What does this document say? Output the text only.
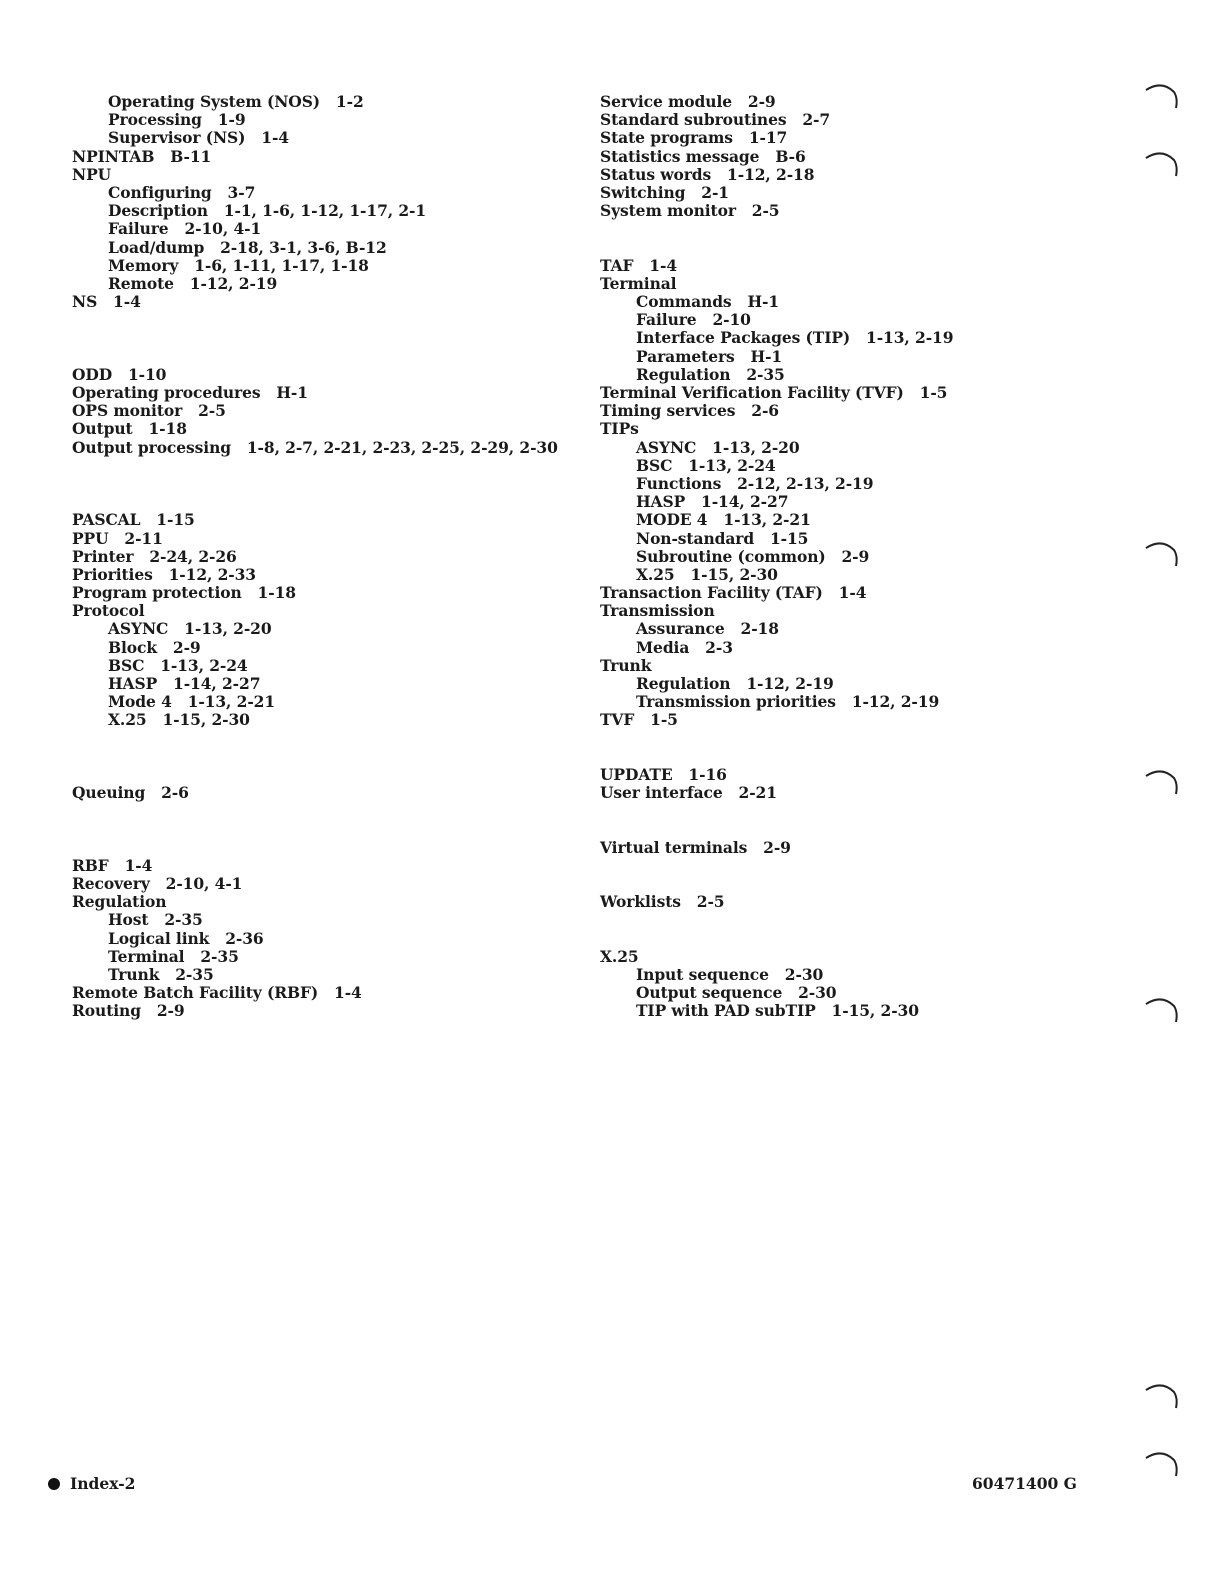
Operating System (NOS)   1-2
Processing   1-9
Supervisor (NS)   1-4
NPINTAB   B-11
NPU
Configuring   3-7
Description   1-1, 1-6, 1-12, 1-17, 2-1
Failure   2-10, 4-1
Load/dump   2-18, 3-1, 3-6, B-12
Memory   1-6, 1-11, 1-17, 1-18
Remote   1-12, 2-19
NS   1-4
ODD   1-10
Operating procedures   H-1
OPS monitor   2-5
Output   1-18
Output processing   1-8, 2-7, 2-21, 2-23, 2-25, 2-29, 2-30
PASCAL   1-15
PPU   2-11
Printer   2-24, 2-26
Priorities   1-12, 2-33
Program protection   1-18
Protocol
ASYNC   1-13, 2-20
Block   2-9
BSC   1-13, 2-24
HASP   1-14, 2-27
Mode 4   1-13, 2-21
X.25   1-15, 2-30
Queuing   2-6
RBF   1-4
Recovery   2-10, 4-1
Regulation
Host   2-35
Logical link   2-36
Terminal   2-35
Trunk   2-35
Remote Batch Facility (RBF)   1-4
Routing   2-9
Service module   2-9
Standard subroutines   2-7
State programs   1-17
Statistics message   B-6
Status words   1-12, 2-18
Switching   2-1
System monitor   2-5
TAF   1-4
Terminal
Commands   H-1
Failure   2-10
Interface Packages (TIP)   1-13, 2-19
Parameters   H-1
Regulation   2-35
Terminal Verification Facility (TVF)   1-5
Timing services   2-6
TIPs
ASYNC   1-13, 2-20
BSC   1-13, 2-24
Functions   2-12, 2-13, 2-19
HASP   1-14, 2-27
MODE 4   1-13, 2-21
Non-standard   1-15
Subroutine (common)   2-9
X.25   1-15, 2-30
Transaction Facility (TAF)   1-4
Transmission
Assurance   2-18
Media   2-3
Trunk
Regulation   1-12, 2-19
Transmission priorities   1-12, 2-19
TVF   1-5
UPDATE   1-16
User interface   2-21
Virtual terminals   2-9
Worklists   2-5
X.25
Input sequence   2-30
Output sequence   2-30
TIP with PAD subTIP   1-15, 2-30
Index-2	60471400 G
